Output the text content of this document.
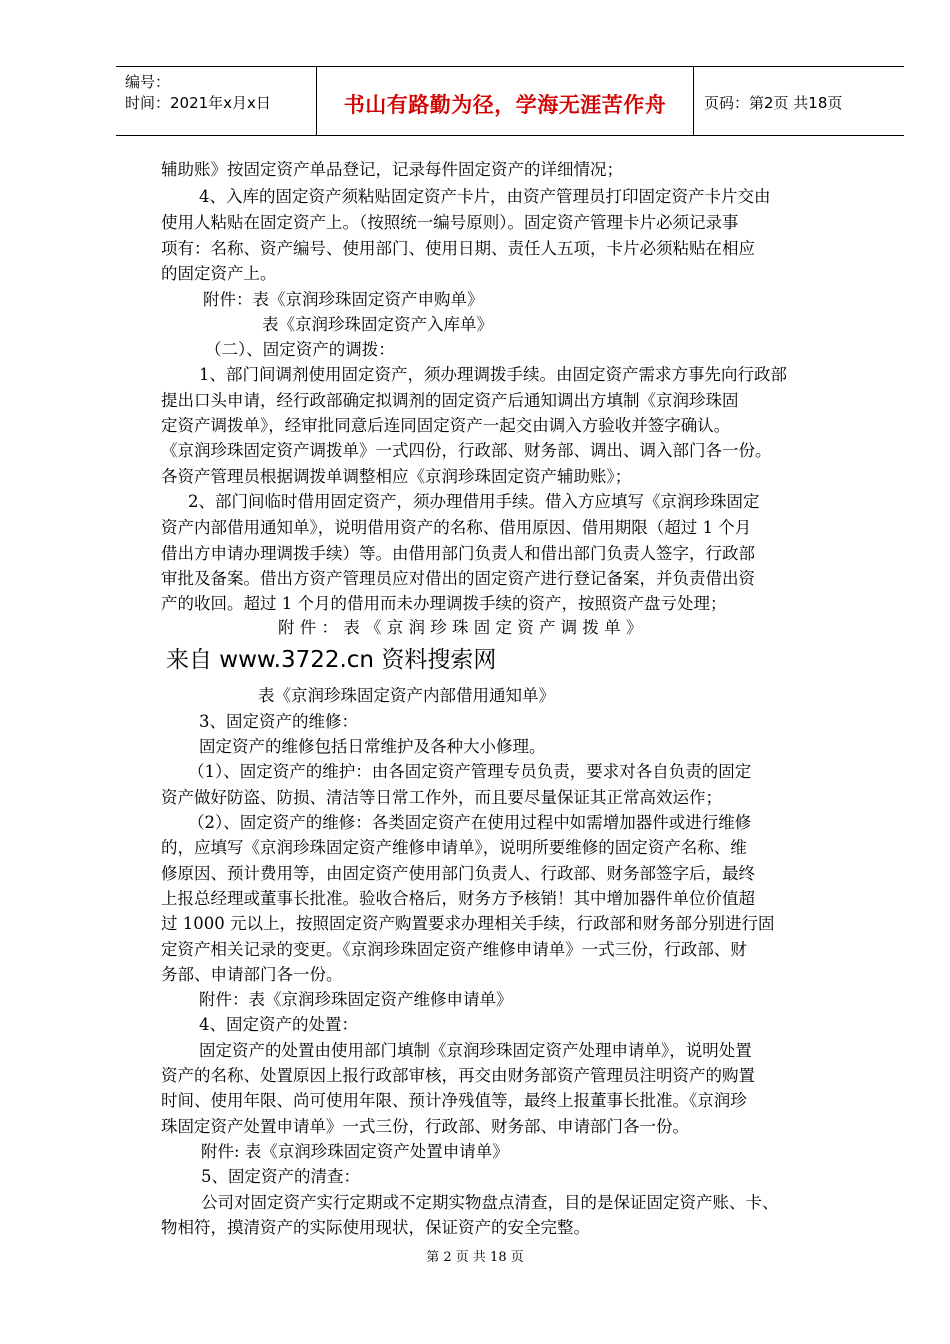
编号：
时间：2021年x月x日	书山有路勤为径，学海无涯苦作舟	页码：第2页 共18页
辅助账》按固定资产单品登记，记录每件固定资产的详细情况；
4、入库的固定资产须粘贴固定资产卡片，由资产管理员打印固定资产卡片交由
使用人粘贴在固定资产上。（按照统一编号原则）。固定资产管理卡片必须记录事
项有：名称、资产编号、使用部门、使用日期、责任人五项，卡片必须粘贴在相应
的固定资产上。
附件：表《京润珍珠固定资产申购单》
表《京润珍珠固定资产入库单》
（二）、固定资产的调拨：
1、部门间调剂使用固定资产，须办理调拨手续。由固定资产需求方事先向行政部
提出口头申请，经行政部确定拟调剂的固定资产后通知调出方填制《京润珍珠固
定资产调拨单》，经审批同意后连同固定资产一起交由调入方验收并签字确认。
《京润珍珠固定资产调拨单》一式四份，行政部、财务部、调出、调入部门各一份。
各资产管理员根据调拨单调整相应《京润珍珠固定资产辅助账》；
2、部门间临时借用固定资产，须办理借用手续。借入方应填写《京润珍珠固定
资产内部借用通知单》，说明借用资产的名称、借用原因、借用期限（超过 1 个月
借出方申请办理调拨手续）等。由借用部门负责人和借出部门负责人签字，行政部
审批及备案。借出方资产管理员应对借出的固定资产进行登记备案，并负责借出资
产的收回。超过 1 个月的借用而未办理调拨手续的资产，按照资产盘亏处理；
附 件 ： 表 《 京 润 珍 珠 固 定 资 产 调 拨 单 》
来自 www.3722.cn 资料搜索网
表《京润珍珠固定资产内部借用通知单》
3、固定资产的维修：
固定资产的维修包括日常维护及各种大小修理。
（1）、固定资产的维护：由各固定资产管理专员负责，要求对各自负责的固定
资产做好防盗、防损、清洁等日常工作外，而且要尽量保证其正常高效运作；
（2）、固定资产的维修：各类固定资产在使用过程中如需增加器件或进行维修
的，应填写《京润珍珠固定资产维修申请单》，说明所要维修的固定资产名称、维
修原因、预计费用等，由固定资产使用部门负责人、行政部、财务部签字后，最终
上报总经理或董事长批准。验收合格后，财务方予核销！其中增加器件单位价值超
过 1000 元以上，按照固定资产购置要求办理相关手续，行政部和财务部分别进行固
定资产相关记录的变更。《京润珍珠固定资产维修申请单》一式三份，行政部、财
务部、申请部门各一份。
附件：表《京润珍珠固定资产维修申请单》
4、固定资产的处置：
固定资产的处置由使用部门填制《京润珍珠固定资产处理申请单》，说明处置
资产的名称、处置原因上报行政部审核，再交由财务部资产管理员注明资产的购置
时间、使用年限、尚可使用年限、预计净残值等，最终上报董事长批准。《京润珍
珠固定资产处置申请单》一式三份，行政部、财务部、申请部门各一份。
附件: 表《京润珍珠固定资产处置申请单》
5、固定资产的清查：
公司对固定资产实行定期或不定期实物盘点清查，目的是保证固定资产账、卡、
物相符，摸清资产的实际使用现状，保证资产的安全完整。
第 2 页 共 18 页
